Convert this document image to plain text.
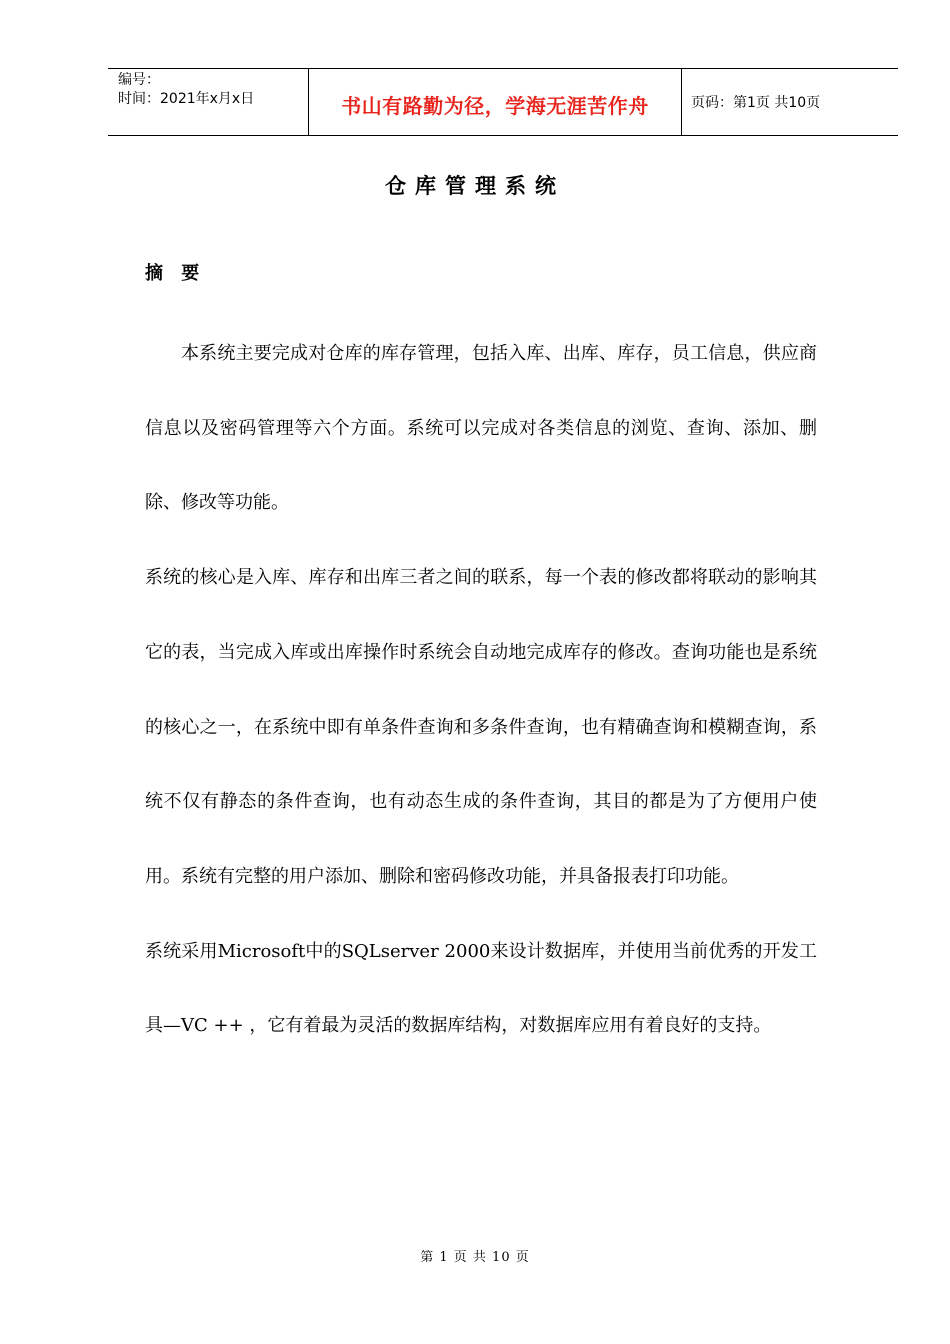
编号：
时间：2021年x月x日	书山有路勤为径，学海无涯苦作舟	页码：第1页 共10页
仓库管理系统
摘 要

本系统主要完成对仓库的库存管理，包括入库、出库、库存，员工信息，供应商信息以及密码管理等六个方面。系统可以完成对各类信息的浏览、查询、添加、删除、修改等功能。

系统的核心是入库、库存和出库三者之间的联系，每一个表的修改都将联动的影响其它的表，当完成入库或出库操作时系统会自动地完成库存的修改。查询功能也是系统的核心之一，在系统中即有单条件查询和多条件查询，也有精确查询和模糊查询，系统不仅有静态的条件查询，也有动态生成的条件查询，其目的都是为了方便用户使用。系统有完整的用户添加、删除和密码修改功能，并具备报表打印功能。

系统采用Microsoft中的SQLserver 2000来设计数据库，并使用当前优秀的开发工具—VC ++ ，它有着最为灵活的数据库结构，对数据库应用有着良好的支持。

第 1 页 共 10 页
